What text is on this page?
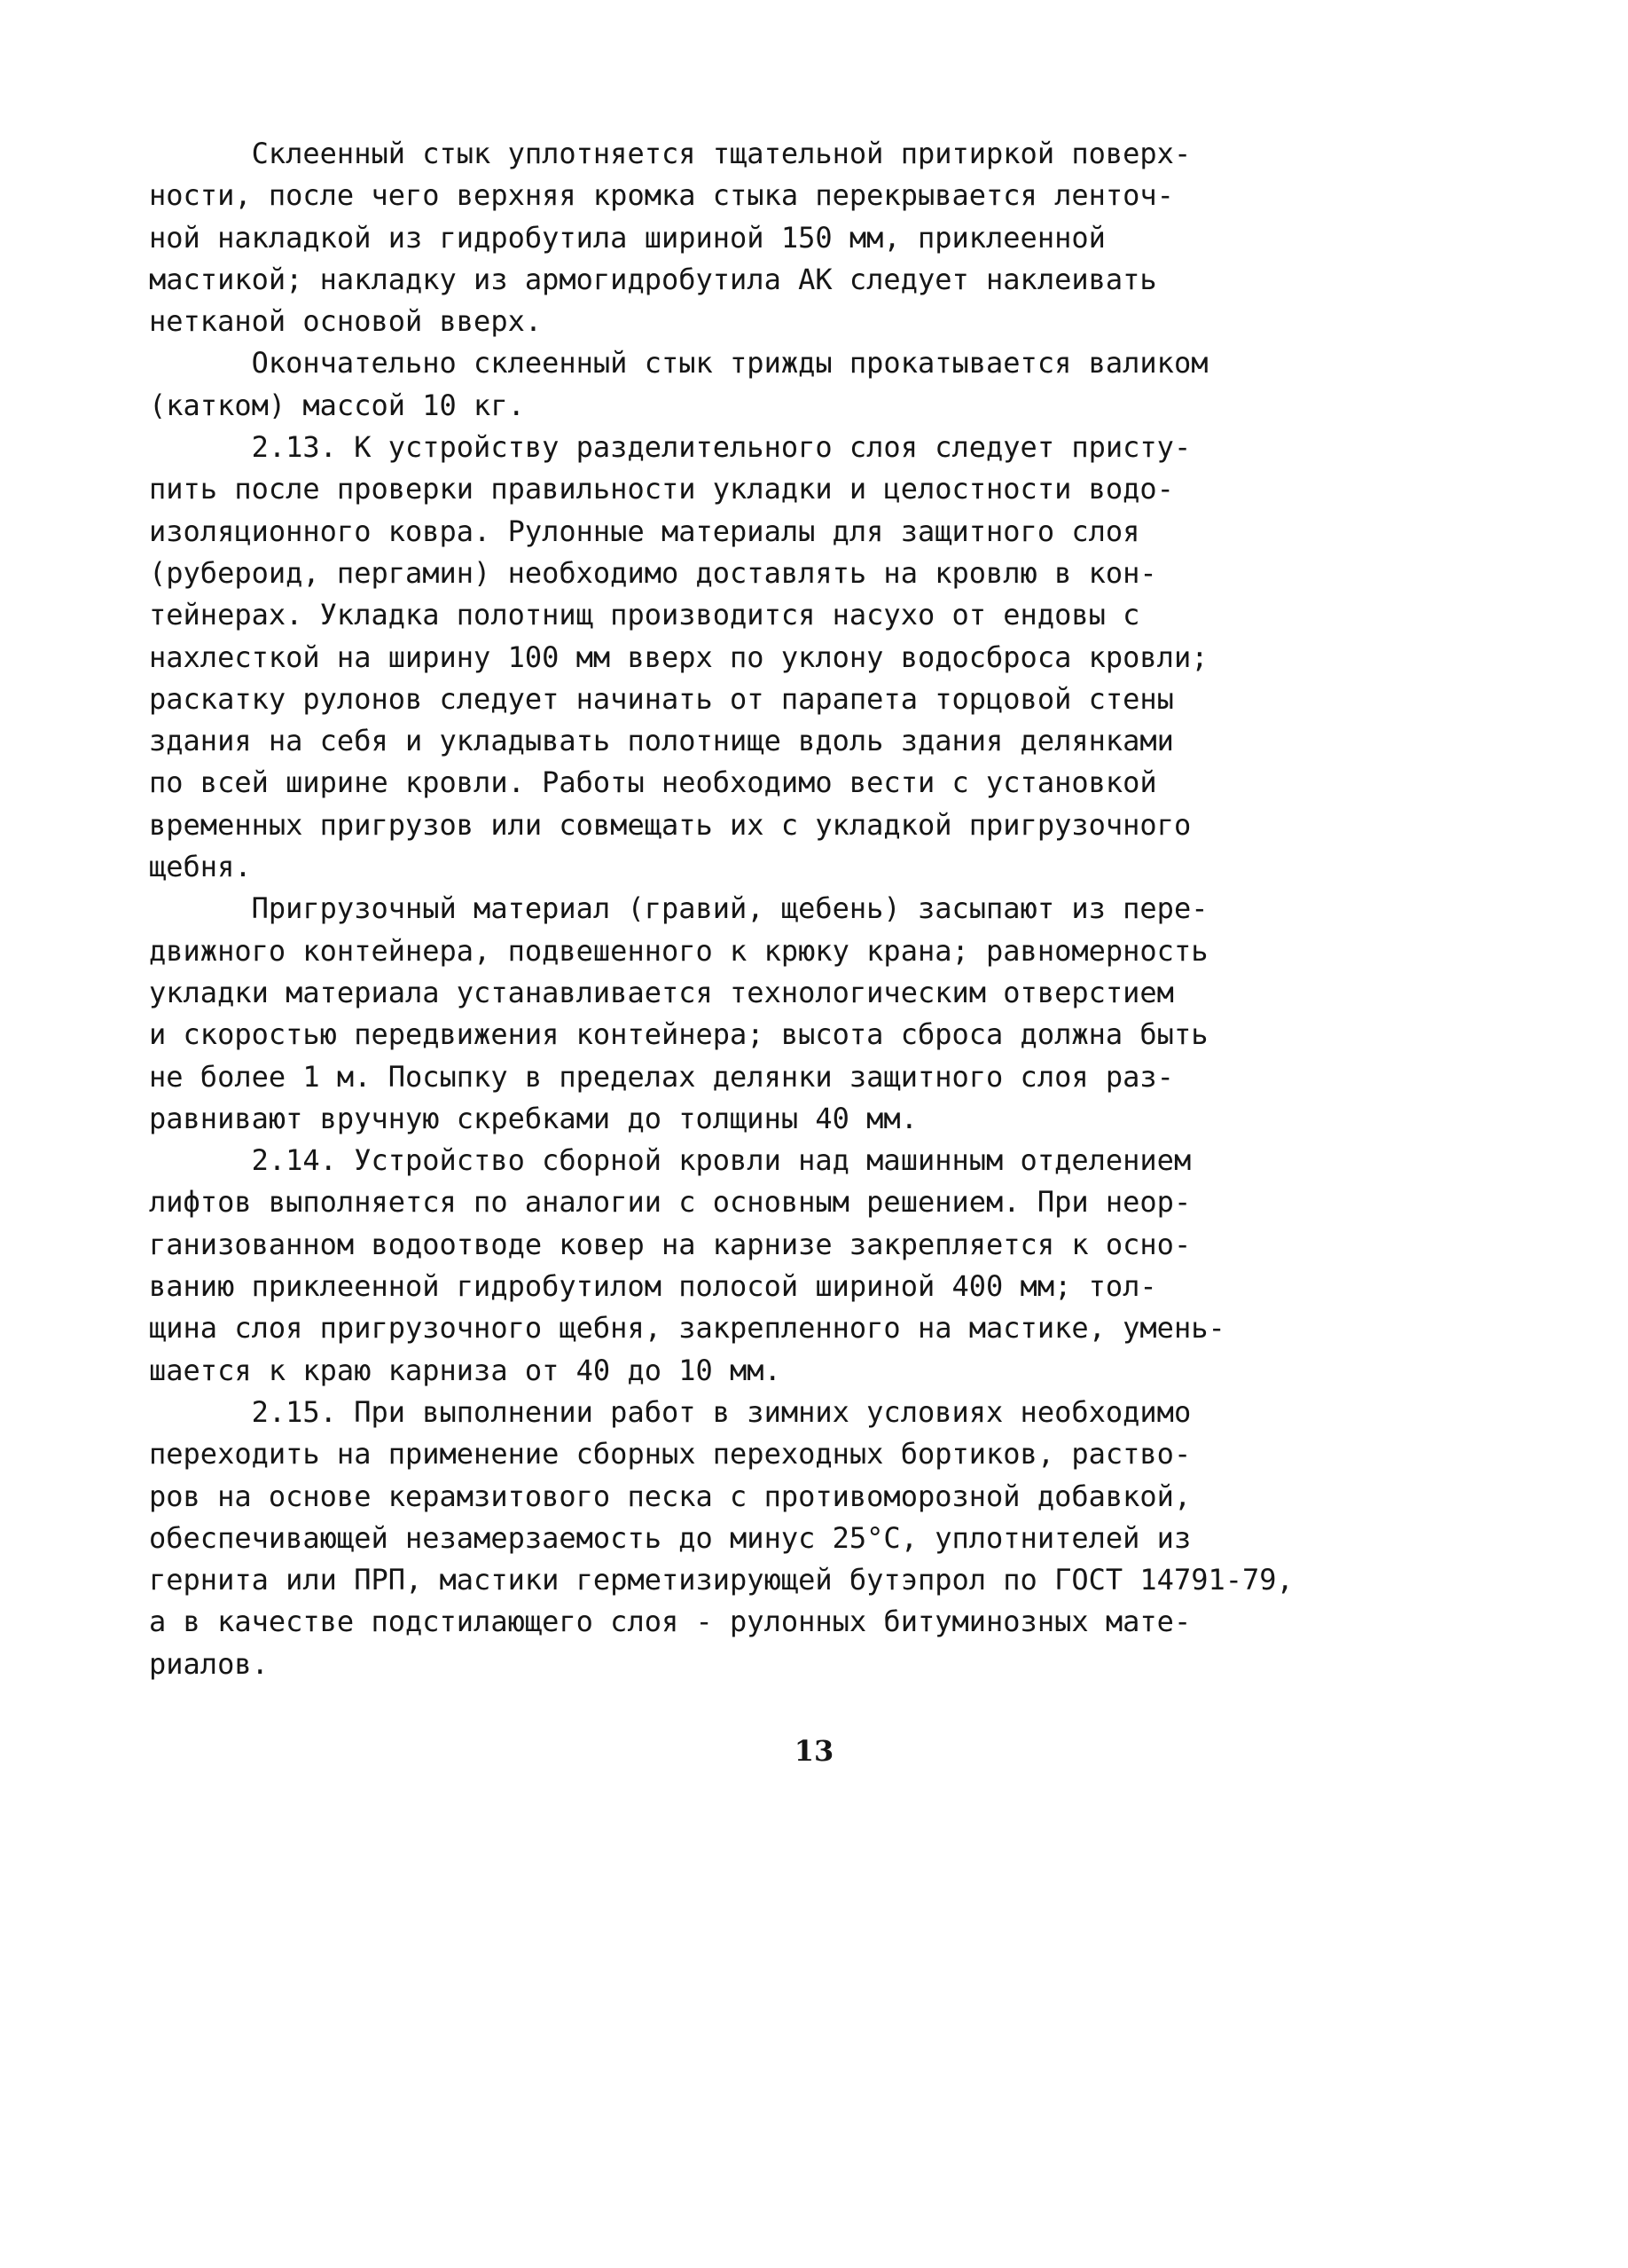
Склеенный стык уплотняется тщательной притиркой поверх-
ности, после чего верхняя кромка стыка перекрывается ленточ-
ной накладкой из гидробутила шириной 150 мм, приклеенной
мастикой; накладку из армогидробутила АК следует наклеивать
нетканой основой вверх.
Окончательно склеенный стык трижды прокатывается валиком
(катком) массой 10 кг.
2.13. К устройству разделительного слоя следует присту-
пить после проверки правильности укладки и целостности водо-
изоляционного ковра. Рулонные материалы для защитного слоя
(рубероид, пергамин) необходимо доставлять на кровлю в кон-
тейнерах. Укладка полотнищ производится насухо от ендовы с
нахлесткой на ширину 100 мм вверх по уклону водосброса кровли;
раскатку рулонов следует начинать от парапета торцовой стены
здания на себя и укладывать полотнище вдоль здания делянками
по всей ширине кровли. Работы необходимо вести с установкой
временных пригрузов или совмещать их с укладкой пригрузочного
щебня.
Пригрузочный материал (гравий, щебень) засыпают из пере-
движного контейнера, подвешенного к крюку крана; равномерность
укладки материала устанавливается технологическим отверстием
и скоростью передвижения контейнера; высота сброса должна быть
не более 1 м. Посыпку в пределах делянки защитного слоя раз-
равнивают вручную скребками до толщины 40 мм.
2.14. Устройство сборной кровли над машинным отделением
лифтов выполняется по аналогии с основным решением. При неор-
ганизованном водоотводе ковер на карнизе закрепляется к осно-
ванию приклеенной гидробутилом полосой шириной 400 мм; тол-
щина слоя пригрузочного щебня, закрепленного на мастике, умень-
шается к краю карниза от 40 до 10 мм.
2.15. При выполнении работ в зимних условиях необходимо
переходить на применение сборных переходных бортиков, раство-
ров на основе керамзитового песка с противоморозной добавкой,
обеспечивающей незамерзаемость до минус 25°С, уплотнителей из
гернита или ПРП, мастики герметизирующей бутэпрол по ГОСТ 14791-79,
а в качестве подстилающего слоя - рулонных битуминозных мате-
риалов.
13
